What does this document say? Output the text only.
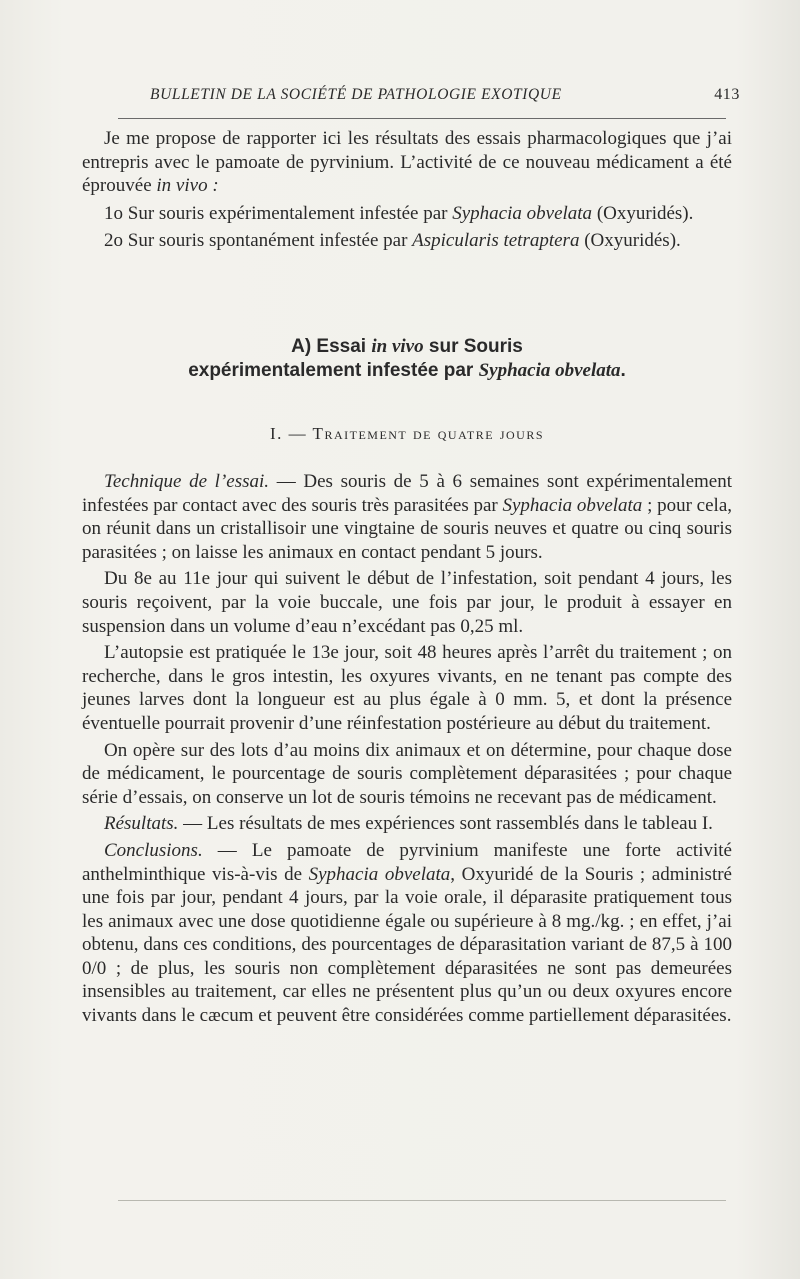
BULLETIN DE LA SOCIÉTÉ DE PATHOLOGIE EXOTIQUE	413

Je me propose de rapporter ici les résultats des essais pharmacologiques que j’ai entrepris avec le pamoate de pyrvinium. L’activité de ce nouveau médicament a été éprouvée in vivo :

1o Sur souris expérimentalement infestée par Syphacia obvelata (Oxyuridés).

2o Sur souris spontanément infestée par Aspicularis tetraptera (Oxyuridés).

A) Essai in vivo sur Souris
expérimentalement infestée par Syphacia obvelata.
I. — Traitement de quatre jours

Technique de l’essai. — Des souris de 5 à 6 semaines sont expérimentalement infestées par contact avec des souris très parasitées par Syphacia obvelata ; pour cela, on réunit dans un cristallisoir une vingtaine de souris neuves et quatre ou cinq souris parasitées ; on laisse les animaux en contact pendant 5 jours.

Du 8e au 11e jour qui suivent le début de l’infestation, soit pendant 4 jours, les souris reçoivent, par la voie buccale, une fois par jour, le produit à essayer en suspension dans un volume d’eau n’excédant pas 0,25 ml.

L’autopsie est pratiquée le 13e jour, soit 48 heures après l’arrêt du traitement ; on recherche, dans le gros intestin, les oxyures vivants, en ne tenant pas compte des jeunes larves dont la longueur est au plus égale à 0 mm. 5, et dont la présence éventuelle pourrait provenir d’une réinfestation postérieure au début du traitement.

On opère sur des lots d’au moins dix animaux et on détermine, pour chaque dose de médicament, le pourcentage de souris complètement déparasitées ; pour chaque série d’essais, on conserve un lot de souris témoins ne recevant pas de médicament.

Résultats. — Les résultats de mes expériences sont rassemblés dans le tableau I.

Conclusions. — Le pamoate de pyrvinium manifeste une forte activité anthelminthique vis-à-vis de Syphacia obvelata, Oxyuridé de la Souris ; administré une fois par jour, pendant 4 jours, par la voie orale, il déparasite pratiquement tous les animaux avec une dose quotidienne égale ou supérieure à 8 mg./kg. ; en effet, j’ai obtenu, dans ces conditions, des pourcentages de déparasitation variant de 87,5 à 100 0/0 ; de plus, les souris non complètement déparasitées ne sont pas demeurées insensibles au traitement, car elles ne présentent plus qu’un ou deux oxyures encore vivants dans le cæcum et peuvent être considérées comme partiellement déparasitées.
